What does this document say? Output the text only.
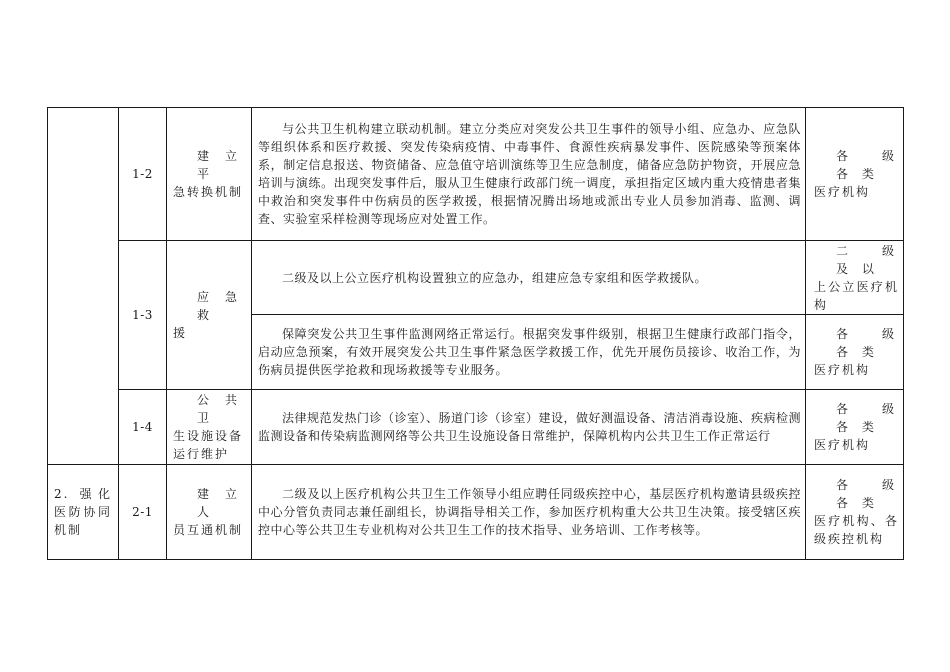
	1-2	建 立 平
急转换机制	与公共卫生机构建立联动机制。建立分类应对突发公共卫生事件的领导小组、应急办、应急队等组织体系和医疗救援、突发传染病疫情、中毒事件、食源性疾病暴发事件、医院感染等预案体系，制定信息报送、物资储备、应急值守培训演练等卫生应急制度，储备应急防护物资，开展应急培训与演练。出现突发事件后，服从卫生健康行政部门统一调度，承担指定区域内重大疫情患者集中救治和突发事件中伤病员的医学救援，根据情况腾出场地或派出专业人员参加消毒、监测、调查、实验室采样检测等现场应对处置工作。	各 级 各 类
医疗机构
	1-3	应 急 救
援	二级及以上公立医疗机构设置独立的应急办，组建应急专家组和医学救援队。	二 级 及 以
上公立医疗机构

			保障突发公共卫生事件监测网络正常运行。根据突发事件级别，根据卫生健康行政部门指令，启动应急预案，有效开展突发公共卫生事件紧急医学救援工作，优先开展伤员接诊、收治工作，为伤病员提供医学抢救和现场救援等专业服务。	各 级 各 类
医疗机构
	1-4	公 共 卫
生设施设备运行维护	法律规范发热门诊（诊室）、肠道门诊（诊室）建设，做好测温设备、清洁消毒设施、疾病检测监测设备和传染病监测网络等公共卫生设施设备日常维护，保障机构内公共卫生工作正常运行	各 级 各 类
医疗机构
2. 强化医防协同机制	2-1	建 立 人
员互通机制	二级及以上医疗机构公共卫生工作领导小组应聘任同级疾控中心，基层医疗机构邀请县级疾控中心分管负责同志兼任副组长，协调指导相关工作，参加医疗机构重大公共卫生决策。接受辖区疾控中心等公共卫生专业机构对公共卫生工作的技术指导、业务培训、工作考核等。	各 级 各 类
医疗机构、各级疾控机构
